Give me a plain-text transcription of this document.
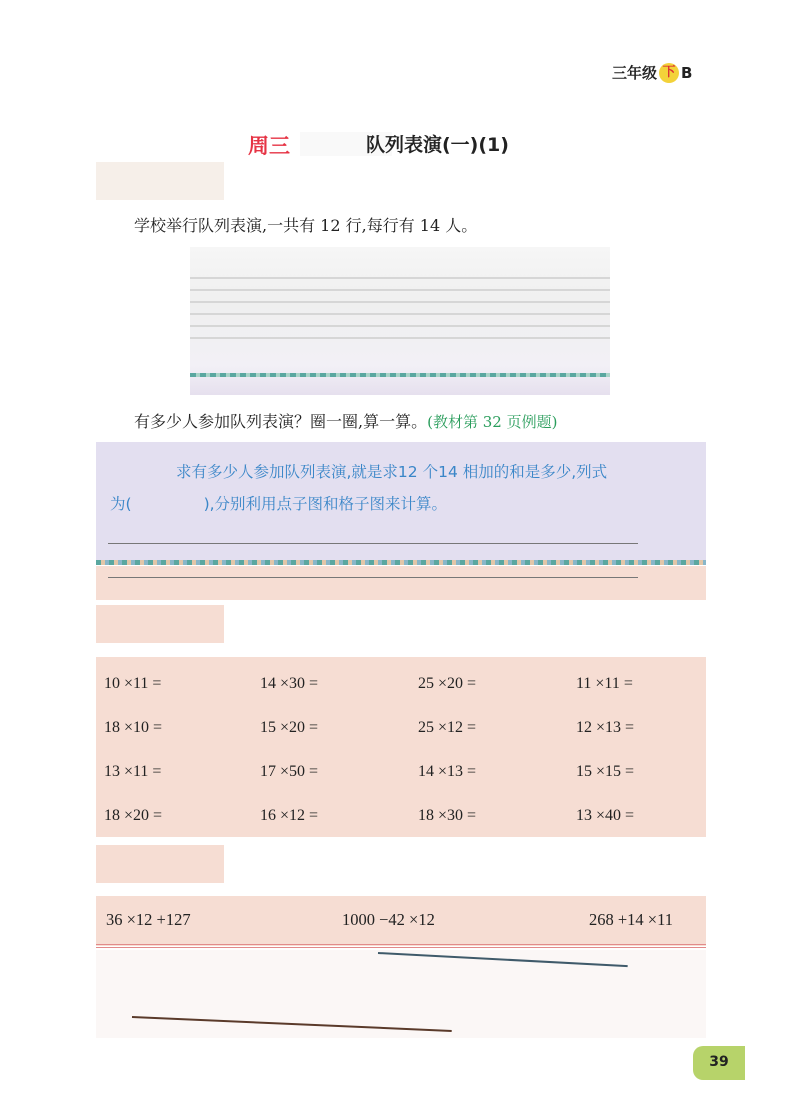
三年级 下 B
周三	队列表演(一)(1)
学校举行队列表演,一共有 12 行,每行有 14 人。
有多少人参加队列表演？圈一圈,算一算。(教材第 32 页例题)
求有多少人参加队列表演,就是求12 个14 相加的和是多少,列式
为(	),分别利用点子图和格子图来计算。
10 ×11 =	14 ×30 =	25 ×20 =	11 ×11 =
18 ×10 =	15 ×20 =	25 ×12 =	12 ×13 =
13 ×11 =	17 ×50 =	14 ×13 =	15 ×15 =
18 ×20 =	16 ×12 =	18 ×30 =	13 ×40 =
36 ×12 +127	1000 −42 ×12	268 +14 ×11
39
